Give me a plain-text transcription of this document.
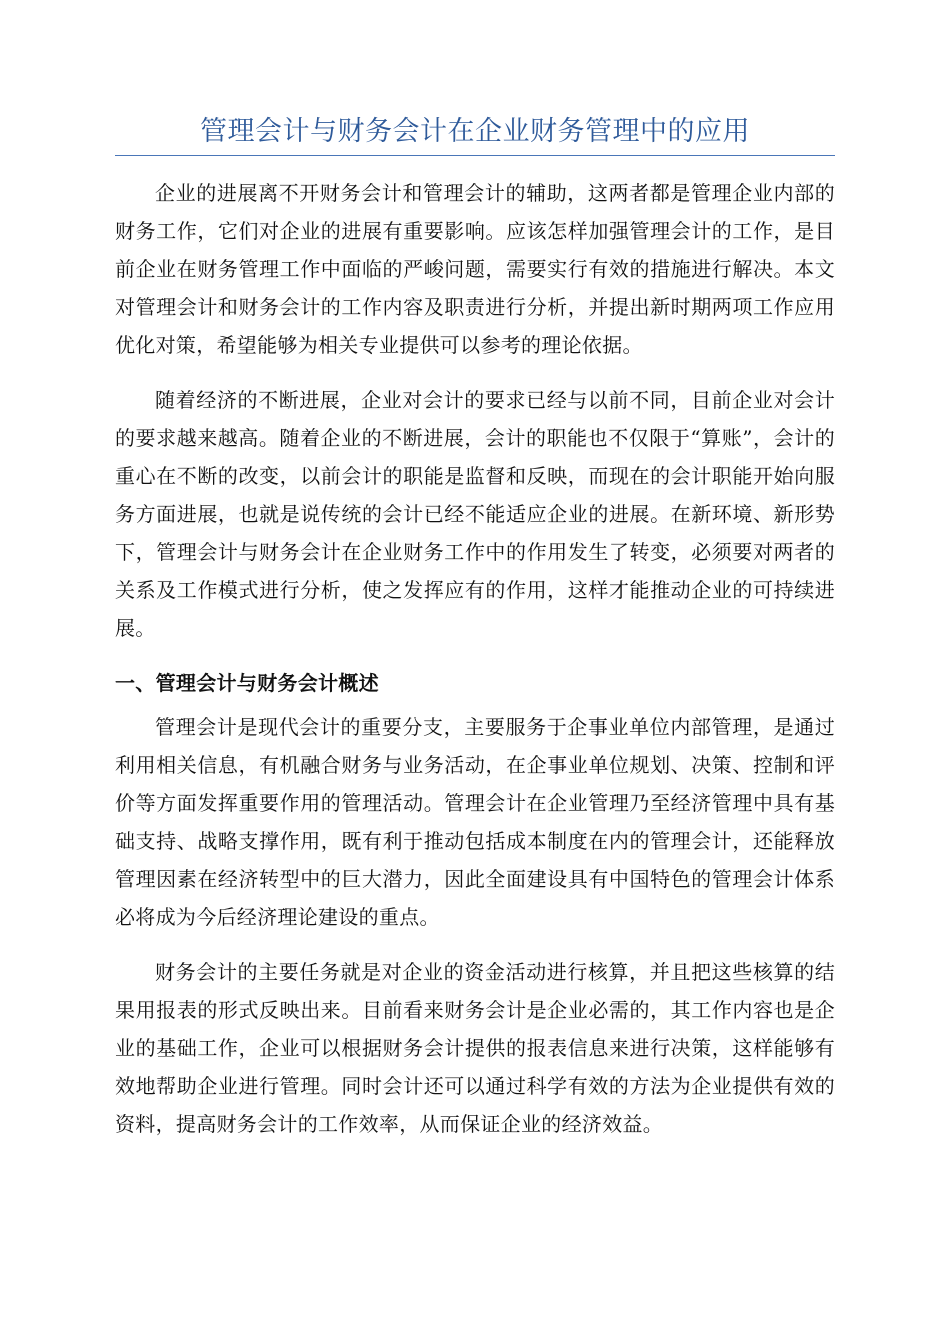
管理会计与财务会计在企业财务管理中的应用

企业的进展离不开财务会计和管理会计的辅助，这两者都是管理企业内部的财务工作，它们对企业的进展有重要影响。应该怎样加强管理会计的工作，是目前企业在财务管理工作中面临的严峻问题，需要实行有效的措施进行解决。本文对管理会计和财务会计的工作内容及职责进行分析，并提出新时期两项工作应用优化对策，希望能够为相关专业提供可以参考的理论依据。

随着经济的不断进展，企业对会计的要求已经与以前不同，目前企业对会计的要求越来越高。随着企业的不断进展，会计的职能也不仅限于“算账”，会计的重心在不断的改变，以前会计的职能是监督和反映，而现在的会计职能开始向服务方面进展，也就是说传统的会计已经不能适应企业的进展。在新环境、新形势下，管理会计与财务会计在企业财务工作中的作用发生了转变，必须要对两者的关系及工作模式进行分析，使之发挥应有的作用，这样才能推动企业的可持续进展。

一、管理会计与财务会计概述

管理会计是现代会计的重要分支，主要服务于企事业单位内部管理，是通过利用相关信息，有机融合财务与业务活动，在企事业单位规划、决策、控制和评价等方面发挥重要作用的管理活动。管理会计在企业管理乃至经济管理中具有基础支持、战略支撑作用，既有利于推动包括成本制度在内的管理会计，还能释放管理因素在经济转型中的巨大潜力，因此全面建设具有中国特色的管理会计体系必将成为今后经济理论建设的重点。

财务会计的主要任务就是对企业的资金活动进行核算，并且把这些核算的结果用报表的形式反映出来。目前看来财务会计是企业必需的，其工作内容也是企业的基础工作，企业可以根据财务会计提供的报表信息来进行决策，这样能够有效地帮助企业进行管理。同时会计还可以通过科学有效的方法为企业提供有效的资料，提高财务会计的工作效率，从而保证企业的经济效益。
